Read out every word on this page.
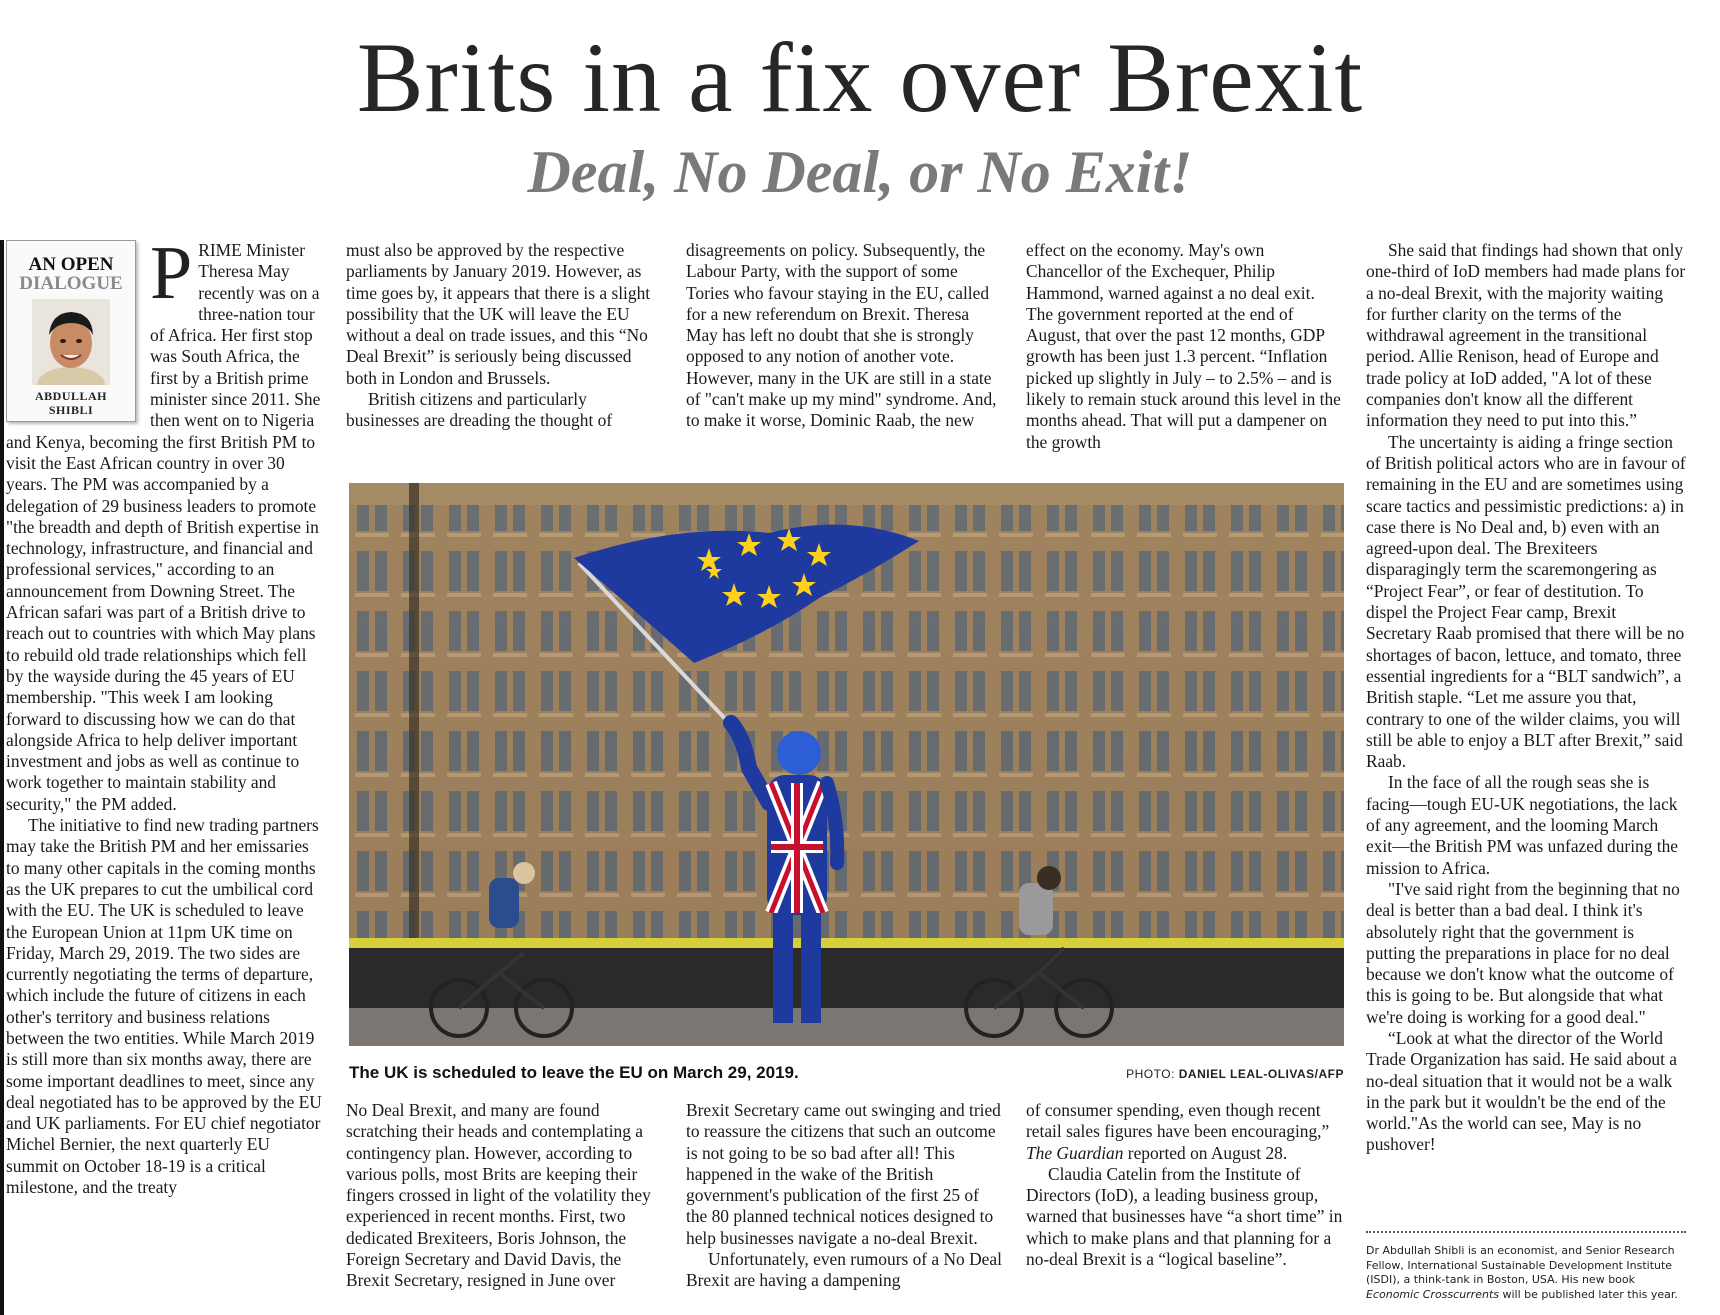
Brits in a fix over Brexit
Deal, No Deal, or No Exit!
AN OPEN
DIALOGUE
ABDULLAH
SHIBLI

PRIME Minister Theresa May recently was on a three-nation tour of Africa. Her first stop was South Africa, the first by a British prime minister since 2011. She then went on to Nigeria and Kenya, becoming the first British PM to visit the East African country in over 30 years. The PM was accompanied by a delegation of 29 business leaders to promote "the breadth and depth of British expertise in technology, infrastructure, and financial and professional services," according to an announcement from Downing Street. The African safari was part of a British drive to reach out to countries with which May plans to rebuild old trade relationships which fell by the wayside during the 45 years of EU membership. "This week I am looking forward to discussing how we can do that alongside Africa to help deliver important investment and jobs as well as continue to work together to maintain stability and security," the PM added.

The initiative to find new trading partners may take the British PM and her emissaries to many other capitals in the coming months as the UK prepares to cut the umbilical cord with the EU. The UK is scheduled to leave the European Union at 11pm UK time on Friday, March 29, 2019. The two sides are currently negotiating the terms of departure, which include the future of citizens in each other's territory and business relations between the two entities. While March 2019 is still more than six months away, there are some important deadlines to meet, since any deal negotiated has to be approved by the EU and UK parliaments. For EU chief negotiator Michel Bernier, the next quarterly EU summit on October 18-19 is a critical milestone, and the treaty

must also be approved by the respective parliaments by January 2019. However, as time goes by, it appears that there is a slight possibility that the UK will leave the EU without a deal on trade issues, and this “No Deal Brexit” is seriously being discussed both in London and Brussels.

British citizens and particularly businesses are dreading the thought of

disagreements on policy. Subsequently, the Labour Party, with the support of some Tories who favour staying in the EU, called for a new referendum on Brexit. Theresa May has left no doubt that she is strongly opposed to any notion of another vote. However, many in the UK are still in a state of "can't make up my mind" syndrome. And, to make it worse, Dominic Raab, the new

effect on the economy. May's own Chancellor of the Exchequer, Philip Hammond, warned against a no deal exit. The government reported at the end of August, that over the past 12 months, GDP growth has been just 1.3 percent. “Inflation picked up slightly in July – to 2.5% – and is likely to remain stuck around this level in the months ahead. That will put a dampener on the growth

She said that findings had shown that only one-third of IoD members had made plans for a no-deal Brexit, with the majority waiting for further clarity on the terms of the withdrawal agreement in the transitional period. Allie Renison, head of Europe and trade policy at IoD added, "A lot of these companies don't know all the different information they need to put into this.”

The uncertainty is aiding a fringe section of British political actors who are in favour of remaining in the EU and are sometimes using scare tactics and pessimistic predictions: a) in case there is No Deal and, b) even with an agreed-upon deal. The Brexiteers disparagingly term the scaremongering as “Project Fear”, or fear of destitution. To dispel the Project Fear camp, Brexit Secretary Raab promised that there will be no shortages of bacon, lettuce, and tomato, three essential ingredients for a “BLT sandwich”, a British staple. “Let me assure you that, contrary to one of the wilder claims, you will still be able to enjoy a BLT after Brexit,” said Raab.

In the face of all the rough seas she is facing—tough EU-UK negotiations, the lack of any agreement, and the looming March exit—the British PM was unfazed during the mission to Africa.

"I've said right from the beginning that no deal is better than a bad deal. I think it's absolutely right that the government is putting the preparations in place for no deal because we don't know what the outcome of this is going to be. But alongside that what we're doing is working for a good deal."

“Look at what the director of the World Trade Organization has said. He said about a no-deal situation that it would not be a walk in the park but it wouldn't be the end of the world."As the world can see, May is no pushover!

The UK is scheduled to leave the EU on March 29, 2019.	PHOTO: DANIEL LEAL-OLIVAS/AFP

No Deal Brexit, and many are found scratching their heads and contemplating a contingency plan. However, according to various polls, most Brits are keeping their fingers crossed in light of the volatility they experienced in recent months. First, two dedicated Brexiteers, Boris Johnson, the Foreign Secretary and David Davis, the Brexit Secretary, resigned in June over

Brexit Secretary came out swinging and tried to reassure the citizens that such an outcome is not going to be so bad after all! This happened in the wake of the British government's publication of the first 25 of the 80 planned technical notices designed to help businesses navigate a no-deal Brexit.

Unfortunately, even rumours of a No Deal Brexit are having a dampening

of consumer spending, even though recent retail sales figures have been encouraging,” The Guardian reported on August 28.

Claudia Catelin from the Institute of Directors (IoD), a leading business group, warned that businesses have “a short time” in which to make plans and that planning for a no-deal Brexit is a “logical baseline”.	Dr Abdullah Shibli is an economist, and Senior Research Fellow, International Sustainable Development Institute (ISDI), a think-tank in Boston, USA. His new book Economic Crosscurrents will be published later this year.
